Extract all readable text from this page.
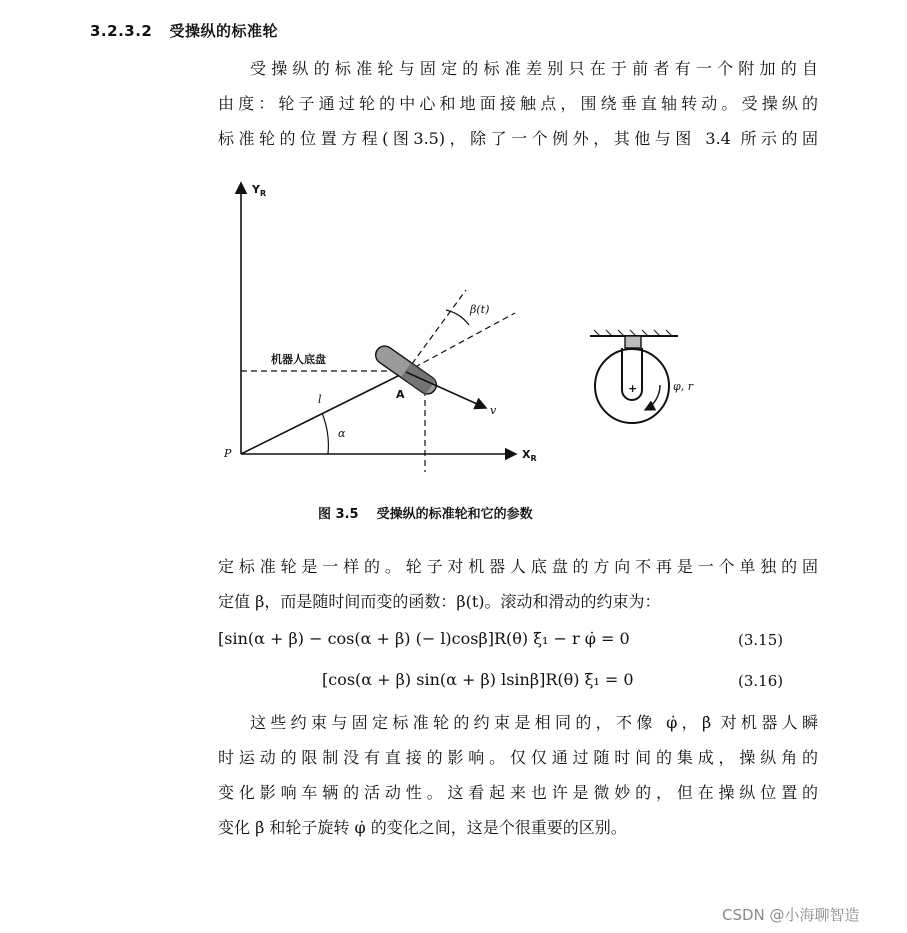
3.2.3.2 受操纵的标准轮
受操纵的标准轮与固定的标准差别只在于前者有一个附加的自
由度：轮子通过轮的中心和地面接触点，围绕垂直轴转动。受操纵的
标准轮的位置方程(图3.5)，除了一个例外，其他与图 3.4 所示的固
$Y_R$
$X_R$
P
l
α
β(t)
机器人底盘
A
v
+	φ, r
图 3.5 受操纵的标准轮和它的参数
定标准轮是一样的。轮子对机器人底盘的方向不再是一个单独的固
定值 β，而是随时间而变的函数：β(t)。滚动和滑动的约束为：
[sin(α + β) − cos(α + β) (− l)cosβ]R(θ) ξ̇₁ − r φ̇ = 0	(3.15)
[cos(α + β) sin(α + β) lsinβ]R(θ) ξ̇₁ = 0	(3.16)
这些约束与固定标准轮的约束是相同的，不像 φ̇，β̇ 对机器人瞬
时运动的限制没有直接的影响。仅仅通过随时间的集成，操纵角的
变化影响车辆的活动性。这看起来也许是微妙的，但在操纵位置的
变化 β̇ 和轮子旋转 φ̇ 的变化之间，这是个很重要的区别。
CSDN @小海聊智造
